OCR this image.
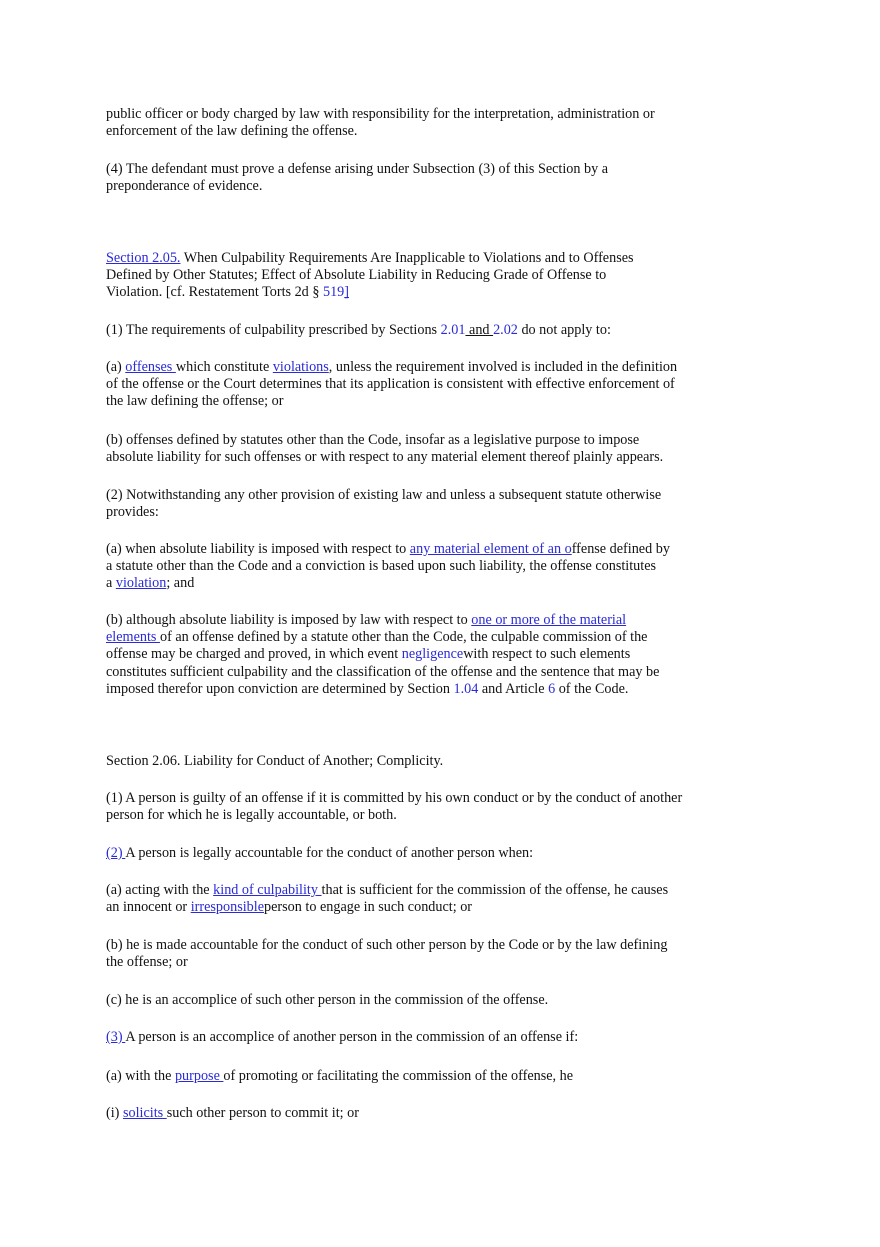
public officer or body charged by law with responsibility for the interpretation, administration or
enforcement of the law defining the offense.

(4) The defendant must prove a defense arising under Subsection (3) of this Section by a
preponderance of evidence.

Section 2.05. When Culpability Requirements Are Inapplicable to Violations and to Offenses
Defined by Other Statutes; Effect of Absolute Liability in Reducing Grade of Offense to
Violation. [cf. Restatement Torts 2d § 519]

(1) The requirements of culpability prescribed by Sections 2.01 and 2.02 do not apply to:

(a) offenses which constitute violations, unless the requirement involved is included in the definition
of the offense or the Court determines that its application is consistent with effective enforcement of
the law defining the offense; or

(b) offenses defined by statutes other than the Code, insofar as a legislative purpose to impose
absolute liability for such offenses or with respect to any material element thereof plainly appears.

(2) Notwithstanding any other provision of existing law and unless a subsequent statute otherwise
provides:

(a) when absolute liability is imposed with respect to any material element of an offense defined by
a statute other than the Code and a conviction is based upon such liability, the offense constitutes
a violation; and

(b) although absolute liability is imposed by law with respect to one or more of the material
elements of an offense defined by a statute other than the Code, the culpable commission of the
offense may be charged and proved, in which event negligencewith respect to such elements
constitutes sufficient culpability and the classification of the offense and the sentence that may be
imposed therefor upon conviction are determined by Section 1.04 and Article 6 of the Code.

Section 2.06. Liability for Conduct of Another; Complicity.

(1) A person is guilty of an offense if it is committed by his own conduct or by the conduct of another
person for which he is legally accountable, or both.

(2) A person is legally accountable for the conduct of another person when:

(a) acting with the kind of culpability that is sufficient for the commission of the offense, he causes
an innocent or irresponsibleperson to engage in such conduct; or

(b) he is made accountable for the conduct of such other person by the Code or by the law defining
the offense; or

(c) he is an accomplice of such other person in the commission of the offense.

(3) A person is an accomplice of another person in the commission of an offense if:

(a) with the purpose of promoting or facilitating the commission of the offense, he

(i) solicits such other person to commit it; or
